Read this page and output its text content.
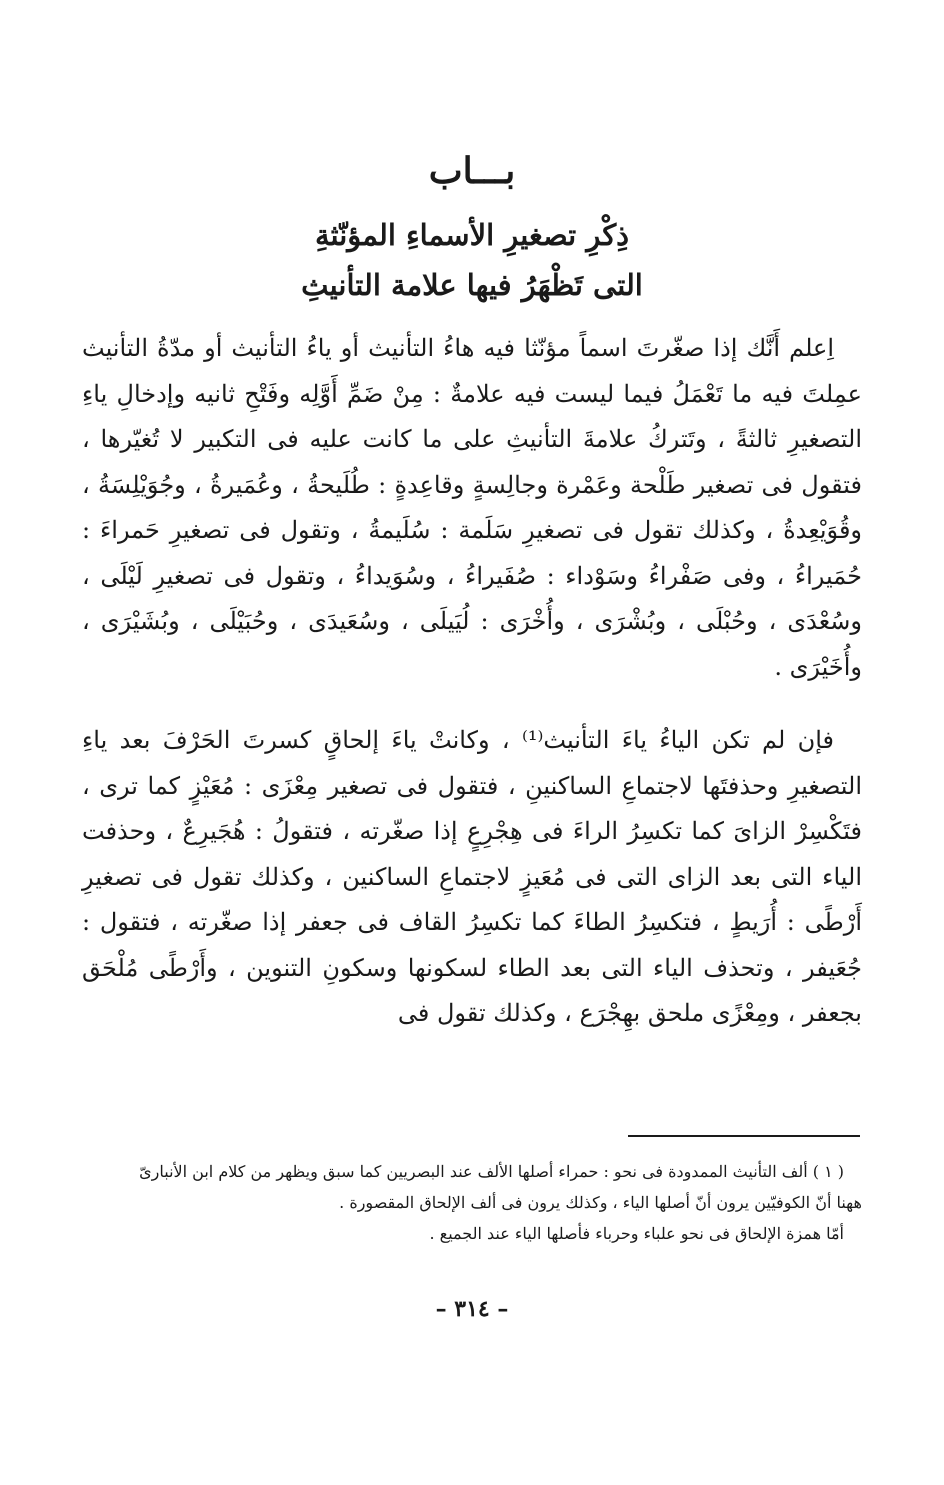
بـــاب
ذِكْرِ تصغيرِ الأسماءِ المؤنّثةِ
التى تَظْهَرُ فيها علامة التأنيثِ

اِعلم أَنَّك إذا صغّرتَ اسماً مؤنّثا فيه هاءُ التأنيث أو ياءُ التأنيث أو مدّةُ التأنيث عمِلتَ فيه ما تَعْمَلُ فيما ليست فيه علامةٌ : مِنْ ضَمِّ أَوَّلِه وفَتْحِ ثانيه وإدخالِ ياءِ التصغيرِ ثالثةً ، وتَتركُ علامةَ التأنيثِ على ما كانت عليه فى التكبير لا تُغيّرها ، فتقول فى تصغير طَلْحة وعَمْرة وجالِسةٍ وقاعِدةٍ : طُلَيحةُ ، وعُمَيرةُ ، وجُوَيْلِسَةُ ، وقُوَيْعِدةُ ، وكذلك تقول فى تصغيرِ سَلَمة : سُلَيمةُ ، وتقول فى تصغيرِ حَمراءَ : حُمَيراءُ ، وفى صَفْراءُ وسَوْداء : صُفَيراءُ ، وسُوَيداءُ ، وتقول فى تصغيرِ لَيْلَى ، وسُعْدَى ، وحُبْلَى ، وبُشْرَى ، وأُخْرَى : لُيَيلَى ، وسُعَيدَى ، وحُبَيْلَى ، وبُشَيْرَى ، وأُخَيْرَى .

فإن لم تكن الياءُ ياءَ التأنيث⁽¹⁾ ، وكانتْ ياءَ إلحاقٍ كسرتَ الحَرْفَ بعد ياءِ التصغيرِ وحذفتَها لاجتماعِ الساكنينِ ، فتقول فى تصغير مِعْزَى : مُعَيْزٍ كما ترى ، فتَكْسِرْ الزاىَ كما تكسِرُ الراءَ فى هِجْرِعٍ إذا صغّرته ، فتقولُ : هُجَيرِعٌ ، وحذفت الياء التى بعد الزاى التى فى مُعَيزٍ لاجتماعِ الساكنين ، وكذلك تقول فى تصغيرِ أَرْطًى : أُرَيطٍ ، فتكسِرُ الطاءَ كما تكسِرُ القاف فى جعفر إذا صغّرته ، فتقول : جُعَيفر ، وتحذف الياء التى بعد الطاء لسكونها وسكونِ التنوين ، وأَرْطًى مُلْحَق بجعفر ، ومِعْزًى ملحق بهِجْرَع ، وكذلك تقول فى

( ١ ) ألف التأنيث الممدودة فى نحو : حمراء أصلها الألف عند البصريين كما سبق ويظهر من كلام ابن الأنبارىّ

ههنا أنّ الكوفيّين يرون أنّ أصلها الياء ، وكذلك يرون فى ألف الإلحاق المقصورة .

أمّا همزة الإلحاق فى نحو علباء وحرباء فأصلها الياء عند الجميع .

– ٣١٤ –
